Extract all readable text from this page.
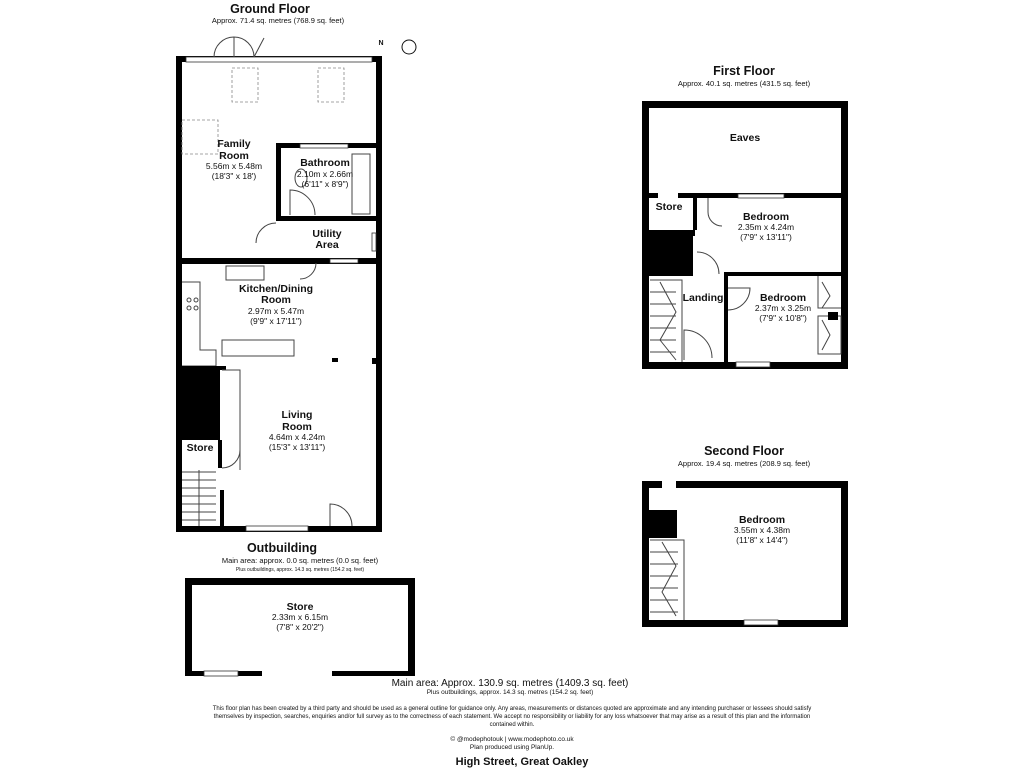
Ground Floor
Approx. 71.4 sq. metres (768.9 sq. feet)
Family
Room
5.56m x 5.48m
(18'3" x 18')
Bathroom
2.10m x 2.66m
(6'11" x 8'9")
Utility
Area
Kitchen/Dining
Room
2.97m x 5.47m
(9'9" x 17'11")
Living
Room
4.64m x 4.24m
(15'3" x 13'11")
Store
N
Outbuilding
Main area: approx. 0.0 sq. metres (0.0 sq. feet)
Plus outbuildings, approx. 14.3 sq. metres (154.2 sq. feet)
Store
2.33m x 6.15m
(7'8" x 20'2")
First Floor
Approx. 40.1 sq. metres (431.5 sq. feet)
Eaves
Store
Bedroom
2.35m x 4.24m
(7'9" x 13'11")
Landing	Bedroom
2.37m x 3.25m
(7'9" x 10'8")
Second Floor
Approx. 19.4 sq. metres (208.9 sq. feet)
Bedroom
3.55m x 4.38m
(11'8" x 14'4")
Main area: Approx. 130.9 sq. metres (1409.3 sq. feet)
Plus outbuildings, approx. 14.3 sq. metres (154.2 sq. feet)
This floor plan has been created by a third party and should be used as a general outline for guidance only. Any areas, measurements or distances quoted are approximate and any intending purchaser or lessees should satisfy
themselves by inspection, searches, enquiries and/or full survey as to the correctness of each statement. We accept no responsibility or liability for any loss whatsoever that may arise as a result of this plan and the information
contained within.
© @modephotouk | www.modephoto.co.uk
Plan produced using PlanUp.
High Street, Great Oakley
